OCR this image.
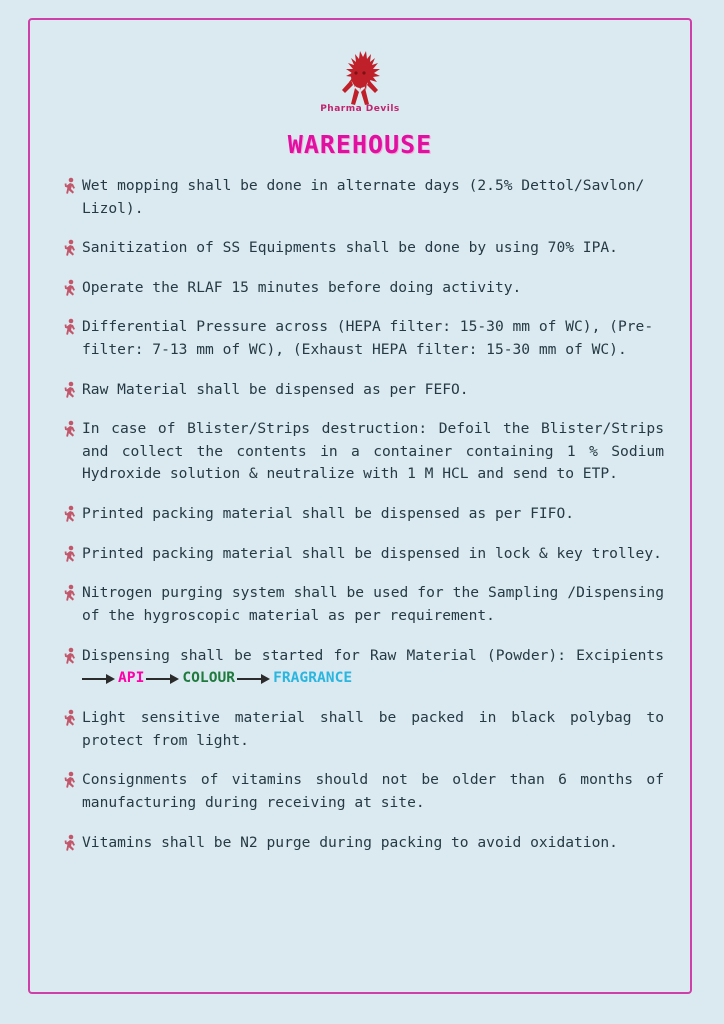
Pharma Devils
WAREHOUSE
Wet mopping shall be done in alternate days (2.5% Dettol/Savlon/ Lizol).
Sanitization of SS Equipments shall be done by using 70% IPA.
Operate the RLAF 15 minutes before doing activity.
Differential Pressure across (HEPA filter: 15-30 mm of WC), (Pre- filter: 7-13 mm of WC), (Exhaust HEPA filter: 15-30 mm of WC).
Raw Material shall be dispensed as per FEFO.
In case of Blister/Strips destruction: Defoil the Blister/Strips and collect the contents in a container containing 1 % Sodium Hydroxide solution & neutralize with 1 M HCL and send to ETP.
Printed packing material shall be dispensed as per FIFO.
Printed packing material shall be dispensed in lock & key trolley.
Nitrogen purging system shall be used for the Sampling /Dispensing of the hygroscopic material as per requirement.
Dispensing shall be started for Raw Material (Powder): Excipients
API	COLOUR	FRAGRANCE
Light sensitive material shall be packed in black polybag to protect from light.
Consignments of vitamins should not be older than 6 months of manufacturing during receiving at site.
Vitamins shall be N2 purge during packing to avoid oxidation.
